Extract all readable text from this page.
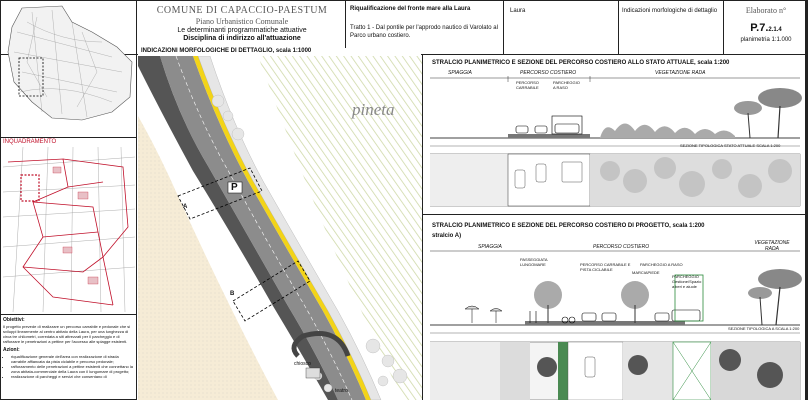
COMUNE DI CAPACCIO-PAESTUM
Piano Urbanistico Comunale
Le determinanti programmatiche attuative
Disciplina di indirizzo all'attuazione
Riqualificazione del fronte mare alla Laura
Tratto 1 - Dal pontile per l'approdo nautico di Varolato al Parco urbano costiero.
Laura	Indicazioni morfologiche di dettaglio	Elaborato n°
P.7.2.1.4
planimetria 1:1.000
INQUADRAMENTO
Obiettivi:
Il progetto prevede di realizzare un percorso carrabile e pedonale che si sviluppi linearmente al centro abitato della Laura, per una lunghezza di circa tre chilometri, corredata a siti attrezzati per il parcheggio e di rafforzare le penetrazioni a pettine per l'accesso alle spiagge esistenti.
Azioni:
• riqualificazione generale dell'area con realizzazione di strada carrabile affiancata da pista ciclabile e percorso pedonale;
• rafforzamento delle penetrazioni a pettine esistenti che connettano la zona abitata-commerciale della Laura con il lungomare di progetto;
• realizzazione di parcheggi e servizi che consentano di
INDICAZIONI MORFOLOGICHE DI DETTAGLIO, scala 1:1000
pineta
P
A
B
chiosco
teatro
STRALCIO PLANIMETRICO E SEZIONE DEL PERCORSO COSTIERO ALLO STATO ATTUALE, scala 1:200
SPIAGGIA	PERCORSO COSTIERO	VEGETAZIONE RADA
PERCORSO CARRABILE
PARCHEGGIO A RASO
SEZIONE TIPOLOGICA STATO ATTUALE SCALA 1:200
STRALCIO PLANIMETRICO E SEZIONE DEL PERCORSO COSTIERO DI PROGETTO, scala 1:200
stralcio A)
SPIAGGIA	PERCORSO COSTIERO
VEGETAZIONE RADA
PASSEGGIATA LUNGOMARE	PERCORSO CARRABILE E PISTA CICLABILE
PARCHEGGIO A RASO
MARCIAPIEDE
PARCHEGGIO Gestione/Spazio alberi e aiuole
SEZIONE TIPOLOGICA A SCALA 1:200
